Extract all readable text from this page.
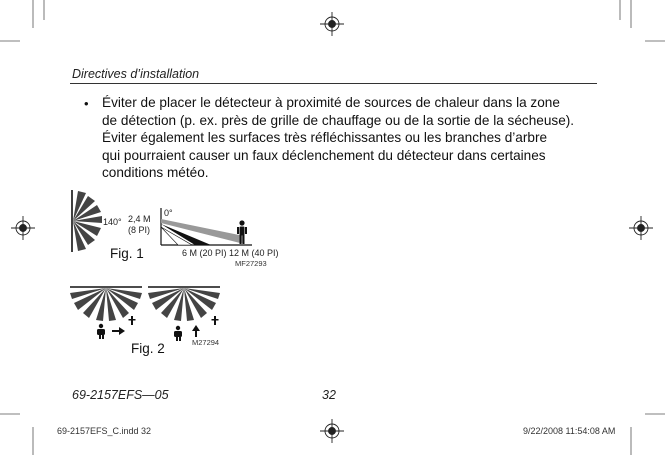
Directives d’installation
• Éviter de placer le détecteur à proximité de sources de chaleur dans la zone
de détection (p. ex. près de grille de chauffage ou de la sortie de la sécheuse).
Éviter également les surfaces très réfléchissantes ou les branches d’arbre
qui pourraient causer un faux déclenchement du détecteur dans certaines
conditions météo.
140° 2,4 M
(8 PI)
0°
6 M (20 PI) 12 M (40 PI)
MF27293
Fig. 1
M27294
Fig. 2
69-2157EFS—05	32
69-2157EFS_C.indd 32	9/22/2008 11:54:08 AM
